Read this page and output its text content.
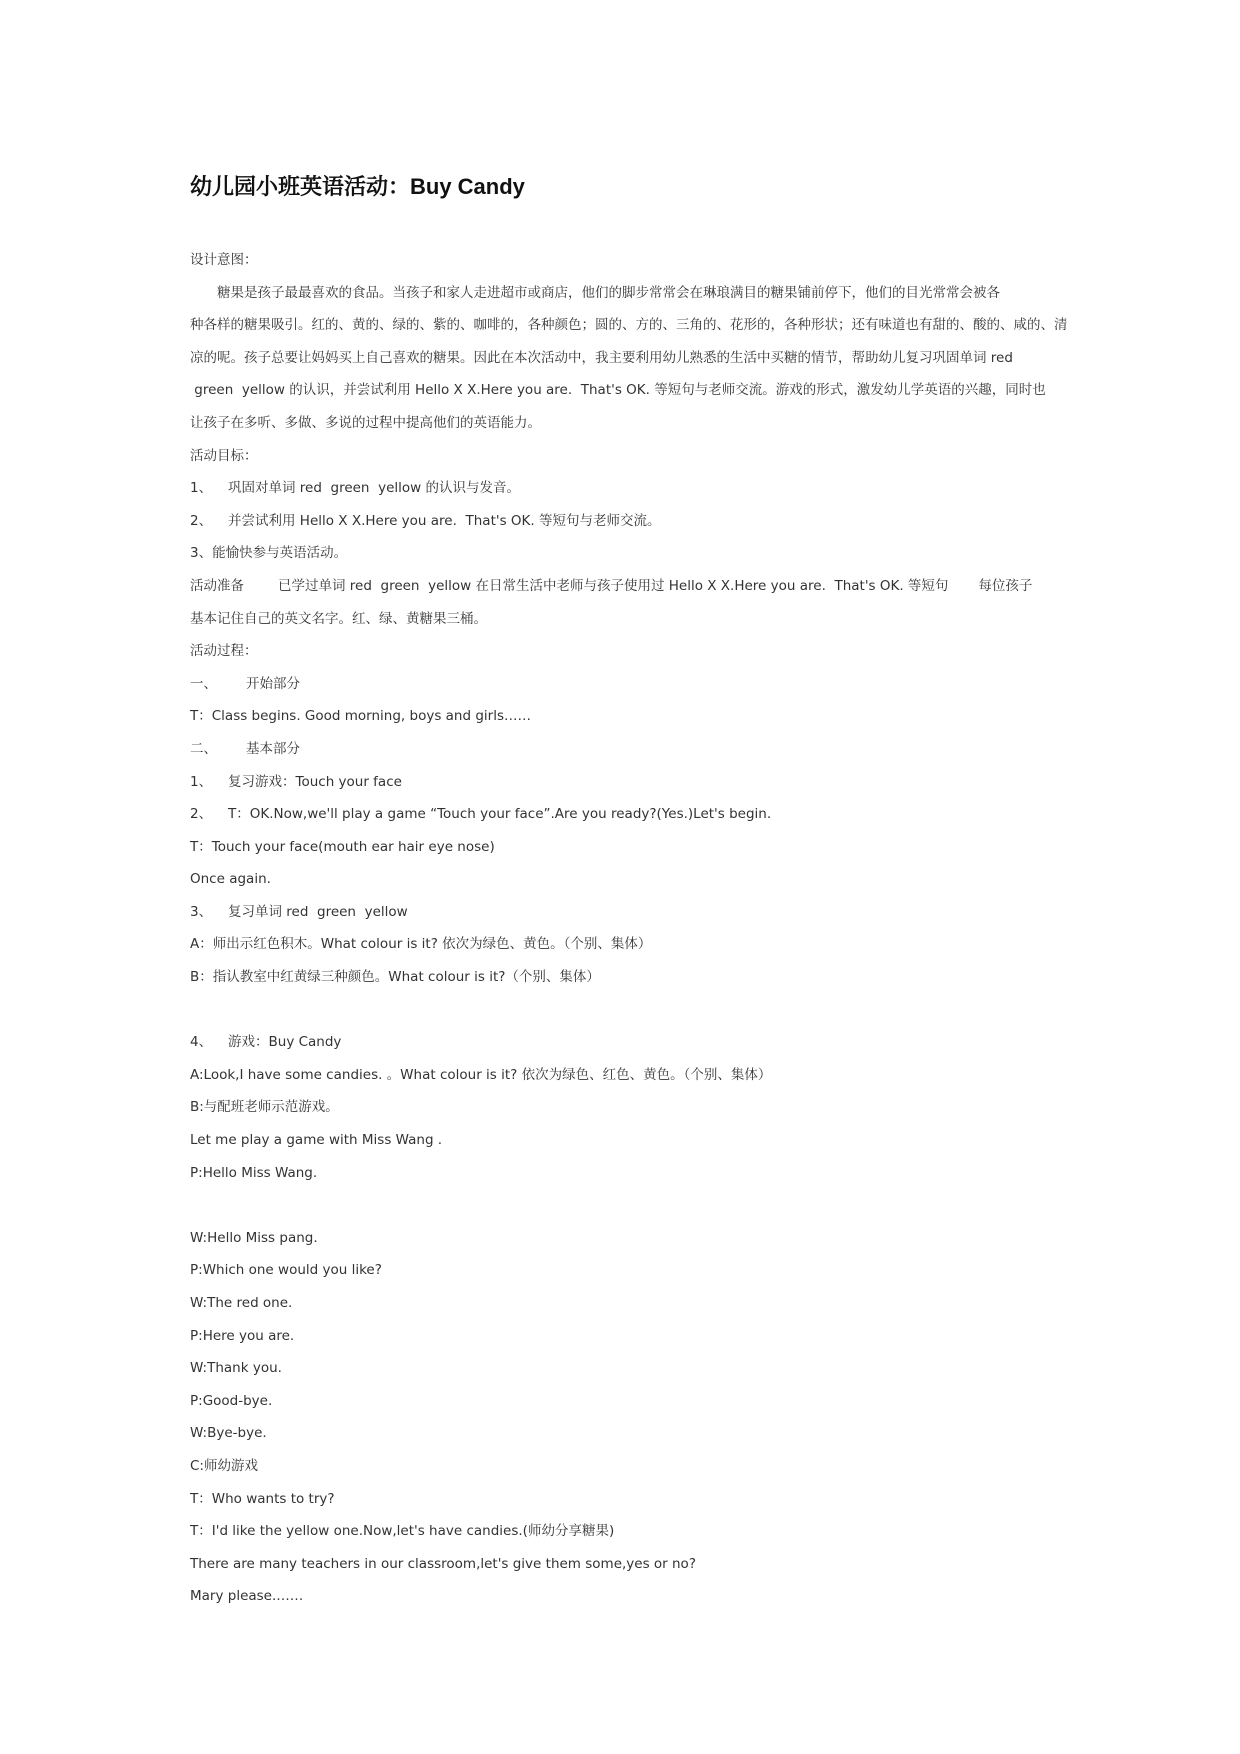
幼儿园小班英语活动：Buy Candy

设计意图：

糖果是孩子最最喜欢的食品。当孩子和家人走进超市或商店，他们的脚步常常会在琳琅满目的糖果铺前停下，他们的目光常常会被各

种各样的糖果吸引。红的、黄的、绿的、紫的、咖啡的，各种颜色；圆的、方的、三角的、花形的，各种形状；还有味道也有甜的、酸的、咸的、清

凉的呢。孩子总要让妈妈买上自己喜欢的糖果。因此在本次活动中，我主要利用幼儿熟悉的生活中买糖的情节，帮助幼儿复习巩固单词 red

green  yellow 的认识，并尝试利用 Hello X X.Here you are.  That's OK. 等短句与老师交流。游戏的形式，激发幼儿学英语的兴趣，同时也

让孩子在多听、多做、多说的过程中提高他们的英语能力。

活动目标：

1、 巩固对单词 red  green  yellow 的认识与发音。

2、 并尝试利用 Hello X X.Here you are.  That's OK. 等短句与老师交流。

3、能愉快参与英语活动。

活动准备	已学过单词 red  green  yellow 在日常生活中老师与孩子使用过 Hello X X.Here you are.  That's OK. 等短句 每位孩子

基本记住自己的英文名字。红、绿、黄糖果三桶。

活动过程：

一、 开始部分

T：Class begins. Good morning, boys and girls……

二、 基本部分

1、 复习游戏：Touch your face

2、 T：OK.Now,we'll play a game “Touch your face”.Are you ready?(Yes.)Let's begin.

T：Touch your face(mouth ear hair eye nose)

Once again.

3、 复习单词 red  green  yellow

A：师出示红色积木。What colour is it? 依次为绿色、黄色。（个别、集体）

B：指认教室中红黄绿三种颜色。What colour is it?（个别、集体）

4、 游戏：Buy Candy

A:Look,I have some candies. 。What colour is it? 依次为绿色、红色、黄色。（个别、集体）

B:与配班老师示范游戏。

Let me play a game with Miss Wang .

P:Hello Miss Wang.

W:Hello Miss pang.

P:Which one would you like?

W:The red one.

P:Here you are.

W:Thank you.

P:Good-bye.

W:Bye-bye.

C:师幼游戏

T：Who wants to try?

T：I'd like the yellow one.Now,let's have candies.(师幼分享糖果)

There are many teachers in our classroom,let's give them some,yes or no?

Mary please.……
